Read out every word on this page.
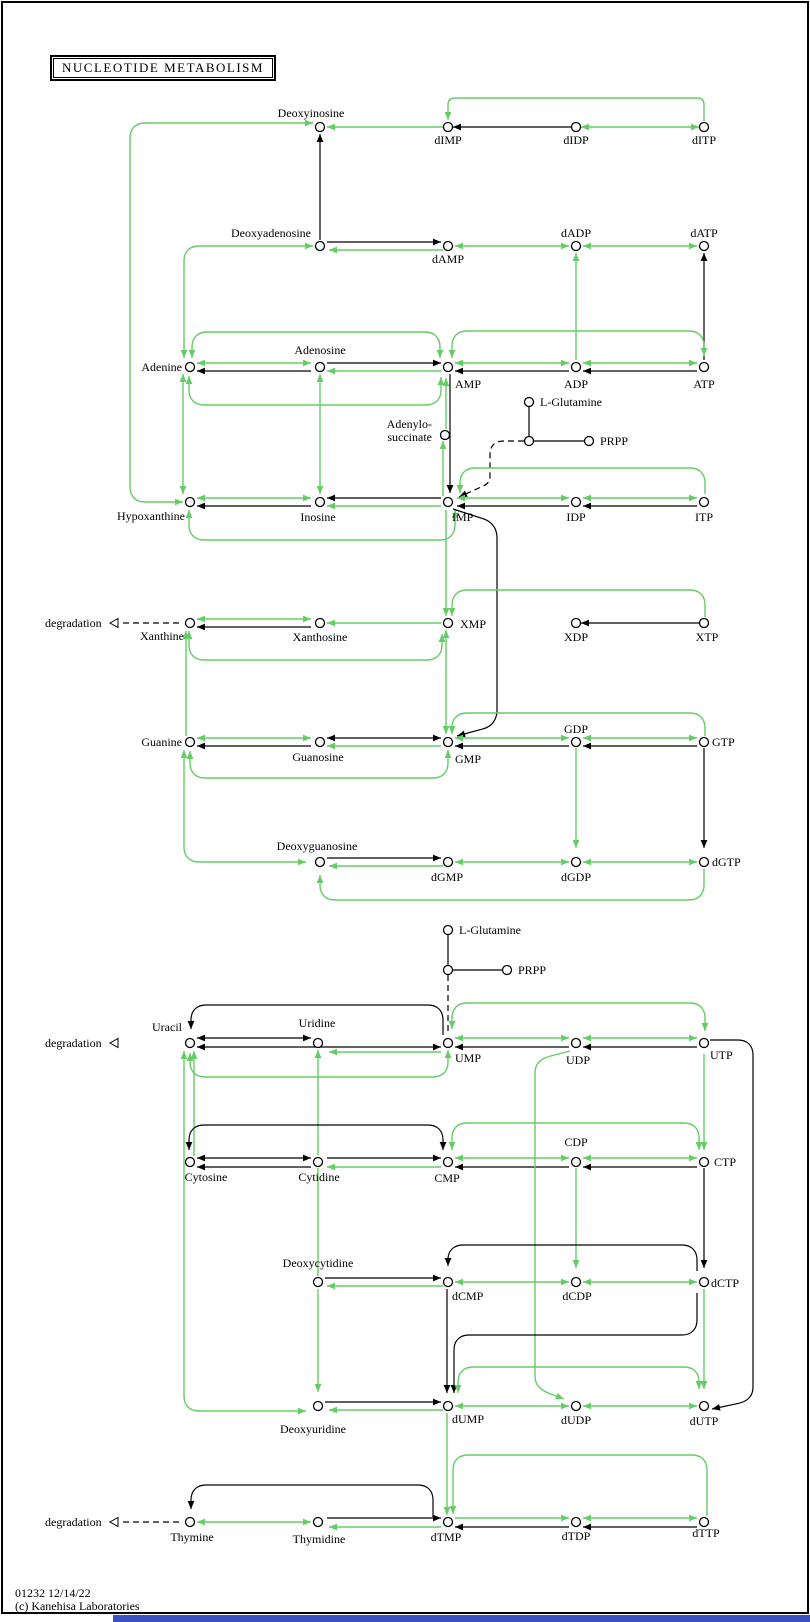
degradation
degradation
degradation
Deoxyinosine
dIMP	dIDP	dITP
Deoxyadenosine
dAMP
dADP	dATP
Adenine
Adenosine
AMP	ADP	ATP
L-Glutamine
PRPP
Adenylo-succinate
Hypoxanthine	Inosine	IMP	IDP	ITP
Xanthine	Xanthosine
XMP
XDP	XTP
Guanine
Guanosine	GMP
GDP
GTP
Deoxyguanosine
dGMP	dGDP
dGTP
L-Glutamine
PRPP
Uracil	Uridine
UMP	UDP	UTP
Cytosine	Cytidine	CMP
CDP
CTP
Deoxycytidine
dCMP	dCDP
dCTP
Deoxyuridine
dUMP	dUDP	dUTP
Thymine	Thymidine	dTMP	dTDP	dTTP
NUCLEOTIDE METABOLISM
01232 12/14/22
(c) Kanehisa Laboratories
